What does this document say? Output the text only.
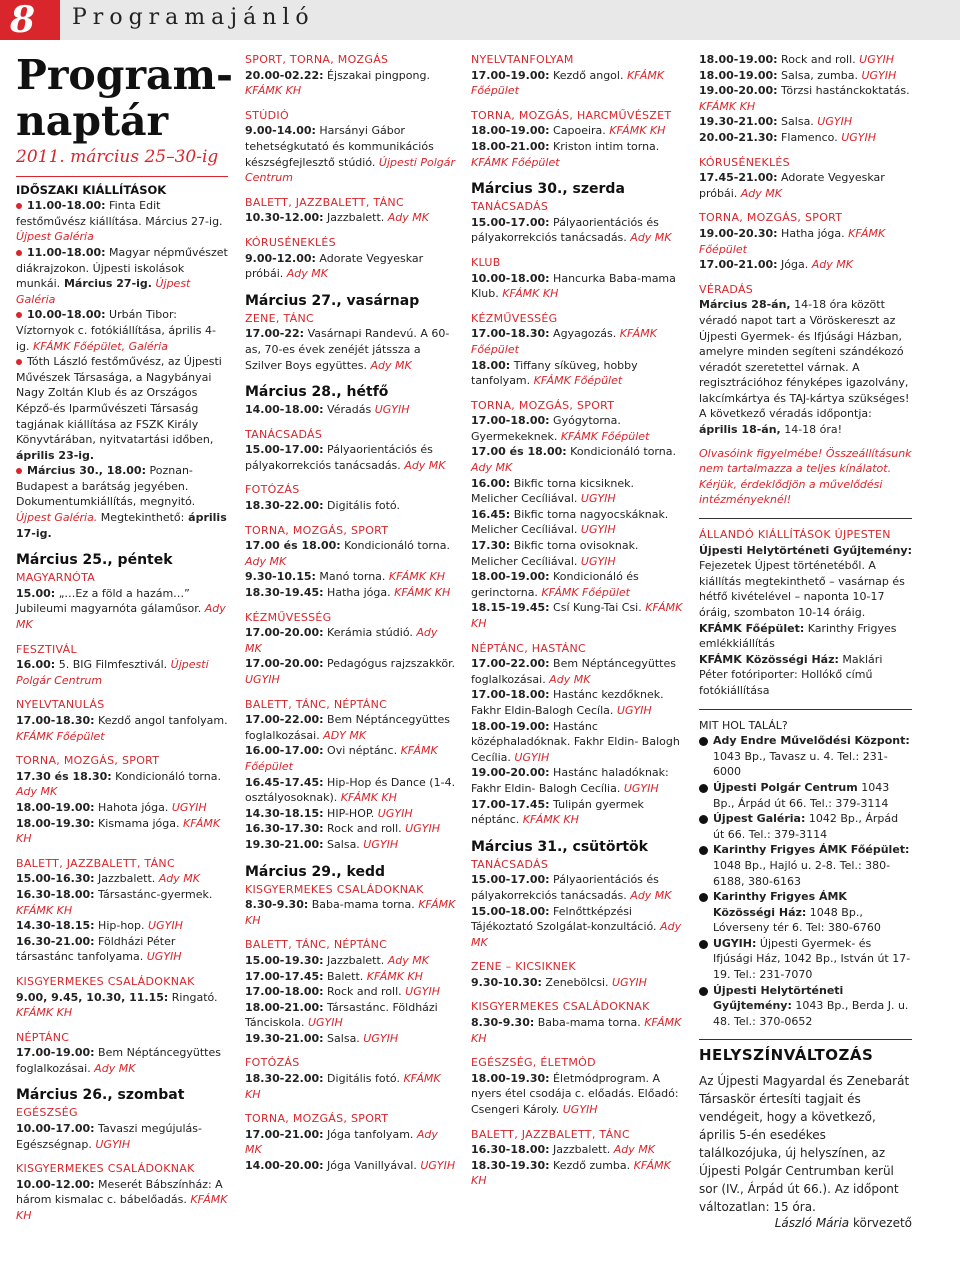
8	Programajánló
Program-
naptár
2011. március 25–30-ig
IDŐSZAKI KIÁLLÍTÁSOK
11.00-18.00: Finta Edit festőművész kiállítása. Március 27-ig. Újpest Galéria
11.00-18.00: Magyar népművészet diákrajzokon. Újpesti iskolások munkái. Március 27-ig. Újpest Galéria
10.00-18.00: Urbán Tibor: Víztornyok c. fotókiállítása, április 4-ig. KFÁMK Főépület, Galéria
Tóth László festőművész, az Újpesti Művészek Társasága, a Nagybányai Nagy Zoltán Klub és az Országos Képző-és Iparművészeti Társaság tagjának kiállítása az FSZK Király Könyvtárában, nyitvatartási időben, április 23-ig.
Március 30., 18.00: Poznan-Budapest a barátság jegyében. Dokumentumkiállítás, megnyitó. Újpest Galéria. Megtekinthető: április 17-ig.
Március 25., péntek
MAGYARNÓTA
15.00: „…Ez a föld a hazám…” Jubileumi magyarnóta gálaműsor. Ady MK
FESZTIVÁL
16.00: 5. BIG Filmfesztivál. Újpesti Polgár Centrum
NYELVTANULÁS
17.00-18.30: Kezdő angol tanfolyam. KFÁMK Főépület
TORNA, MOZGÁS, SPORT
17.30 és 18.30: Kondicionáló torna. Ady MK
18.00-19.00: Hahota jóga. UGYIH
18.00-19.30: Kismama jóga. KFÁMK KH
BALETT, JAZZBALETT, TÁNC
15.00-16.30: Jazzbalett. Ady MK
16.30-18.00: Társastánc-gyermek. KFÁMK KH
14.30-18.15: Hip-hop. UGYIH
16.30-21.00: Földházi Péter társastánc tanfolyama. UGYIH
KISGYERMEKES CSALÁDOKNAK
9.00, 9.45, 10.30, 11.15: Ringató. KFÁMK KH
NÉPTÁNC
17.00-19.00: Bem Néptáncegyüttes foglalkozásai. Ady MK
Március 26., szombat
EGÉSZSÉG
10.00-17.00: Tavaszi megújulás-Egészségnap. UGYIH
KISGYERMEKES CSALÁDOKNAK
10.00-12.00: Meserét Bábszínház: A három kismalac c. bábelőadás. KFÁMK KH
SPORT, TORNA, MOZGÁS
20.00-02.22: Éjszakai pingpong. KFÁMK KH
STÚDIÓ
9.00-14.00: Harsányi Gábor tehetségkutató és kommunikációs készségfejlesztő stúdió. Újpesti Polgár Centrum
BALETT, JAZZBALETT, TÁNC
10.30-12.00: Jazzbalett. Ady MK
KÓRUSÉNEKLÉS
9.00-12.00: Adorate Vegyeskar próbái. Ady MK
Március 27., vasárnap
ZENE, TÁNC
17.00-22: Vasárnapi Randevú. A 60-as, 70-es évek zenéjét játssza a Szilver Boys együttes. Ady MK
Március 28., hétfő
14.00-18.00: Véradás UGYIH
TANÁCSADÁS
15.00-17.00: Pályaorientációs és pályakorrekciós tanácsadás. Ady MK
FOTÓZÁS
18.30-22.00: Digitális fotó.
TORNA, MOZGÁS, SPORT
17.00 és 18.00: Kondicionáló torna. Ady MK
9.30-10.15: Manó torna. KFÁMK KH
18.30-19.45: Hatha jóga. KFÁMK KH
KÉZMŰVESSÉG
17.00-20.00: Kerámia stúdió. Ady MK
17.00-20.00: Pedagógus rajzszakkör. UGYIH
BALETT, TÁNC, NÉPTÁNC
17.00-22.00: Bem Néptáncegyüttes foglalkozásai. ADY MK
16.00-17.00: Ovi néptánc. KFÁMK Főépület
16.45-17.45: Hip-Hop és Dance (1-4. osztályosoknak). KFÁMK KH
14.30-18.15: HIP-HOP. UGYIH
16.30-17.30: Rock and roll. UGYIH
19.30-21.00: Salsa. UGYIH
Március 29., kedd
KISGYERMEKES CSALÁDOKNAK
8.30-9.30: Baba-mama torna. KFÁMK KH
BALETT, TÁNC, NÉPTÁNC
15.00-19.30: Jazzbalett. Ady MK
17.00-17.45: Balett. KFÁMK KH
17.00-18.00: Rock and roll. UGYIH
18.00-21.00: Társastánc. Földházi Tánciskola. UGYIH
19.30-21.00: Salsa. UGYIH
FOTÓZÁS
18.30-22.00: Digitális fotó. KFÁMK KH
TORNA, MOZGÁS, SPORT
17.00-21.00: Jóga tanfolyam. Ady MK
14.00-20.00: Jóga Vanillyával. UGYIH
NYELVTANFOLYAM
17.00-19.00: Kezdő angol. KFÁMK Főépület
TORNA, MOZGÁS, HARCMŰVÉSZET
18.00-19.00: Capoeira. KFÁMK KH
18.00-21.00: Kriston intim torna. KFÁMK Főépület
Március 30., szerda
TANÁCSADÁS
15.00-17.00: Pályaorientációs és pályakorrekciós tanácsadás. Ady MK
KLUB
10.00-18.00: Hancurka Baba-mama Klub. KFÁMK KH
KÉZMŰVESSÉG
17.00-18.30: Agyagozás. KFÁMK Főépület
18.00: Tiffany síküveg, hobby tanfolyam. KFÁMK Főépület
TORNA, MOZGÁS, SPORT
17.00-18.00: Gyógytorna. Gyermekeknek. KFÁMK Főépület
17.00 és 18.00: Kondicionáló torna. Ady MK
16.00: Bikfic torna kicsiknek. Melicher Cecíliával. UGYIH
16.45: Bikfic torna nagyocskáknak. Melicher Cecíliával. UGYIH
17.30: Bikfic torna ovisoknak. Melicher Cecíliával. UGYIH
18.00-19.00: Kondicionáló és gerinctorna. KFÁMK Főépület
18.15-19.45: Csí Kung-Tai Csi. KFÁMK KH
NÉPTÁNC, HASTÁNC
17.00-22.00: Bem Néptáncegyüttes foglalkozásai. Ady MK
17.00-18.00: Hastánc kezdőknek. Fakhr Eldin-Balogh Cecíla. UGYIH
18.00-19.00: Hastánc középhaladóknak. Fakhr Eldin- Balogh Cecília. UGYIH
19.00-20.00: Hastánc haladóknak: Fakhr Eldin- Balogh Cecília. UGYIH
17.00-17.45: Tulipán gyermek néptánc. KFÁMK KH
Március 31., csütörtök
TANÁCSADÁS
15.00-17.00: Pályaorientációs és pályakorrekciós tanácsadás. Ady MK
15.00-18.00: Felnőttképzési Tájékoztató Szolgálat-konzultáció. Ady MK
ZENE – KICSIKNEK
9.30-10.30: Zenebölcsi. UGYIH
KISGYERMEKES CSALÁDOKNAK
8.30-9.30: Baba-mama torna. KFÁMK KH
EGÉSZSÉG, ÉLETMÓD
18.00-19.30: Életmódprogram. A nyers étel csodája c. előadás. Előadó: Csengeri Károly. UGYIH
BALETT, JAZZBALETT, TÁNC
16.30-18.00: Jazzbalett. Ady MK
18.30-19.30: Kezdő zumba. KFÁMK KH
18.00-19.00: Rock and roll. UGYIH
18.00-19.00: Salsa, zumba. UGYIH
19.00-20.00: Törzsi hastánckoktatás. KFÁMK KH
19.30-21.00: Salsa. UGYIH
20.00-21.30: Flamenco. UGYIH
KÓRUSÉNEKLÉS
17.45-21.00: Adorate Vegyeskar próbái. Ady MK
TORNA, MOZGÁS, SPORT
19.00-20.30: Hatha jóga. KFÁMK Főépület
17.00-21.00: Jóga. Ady MK
VÉRADÁS
Március 28-án, 14-18 óra között véradó napot tart a Vöröskereszt az Újpesti Gyermek- és Ifjúsági Házban, amelyre minden segíteni szándékozó véradót szeretettel várnak. A regisztrációhoz fényképes igazolvány, lakcímkártya és TAJ-kártya szükséges! A következő véradás időpontja: április 18-án, 14-18 óra!
Olvasóink figyelmébe! Összeállításunk nem tartalmazza a teljes kínálatot. Kérjük, érdeklődjön a művelődési intézményeknél!
ÁLLANDÓ KIÁLLÍTÁSOK ÚJPESTEN
Újpesti Helytörténeti Gyűjtemény: Fejezetek Újpest történetéből. A kiállítás megtekinthető – vasárnap és hétfő kivételével – naponta 10-17 óráig, szombaton 10-14 óráig.
KFÁMK Főépület: Karinthy Frigyes emlékkiállítás
KFÁMK Közösségi Ház: Maklári Péter fotóriporter: Hollókő című fotókiállítása
MIT HOL TALÁL?
Ady Endre Művelődési Központ: 1043 Bp., Tavasz u. 4. Tel.: 231-6000
Újpesti Polgár Centrum 1043 Bp., Árpád út 66. Tel.: 379-3114
Újpest Galéria: 1042 Bp., Árpád út 66. Tel.: 379-3114
Karinthy Frigyes ÁMK Főépület: 1048 Bp., Hajló u. 2-8. Tel.: 380-6188, 380-6163
Karinthy Frigyes ÁMK Közösségi Ház: 1048 Bp., Lóverseny tér 6. Tel: 380-6760
UGYIH: Újpesti Gyermek- és Ifjúsági Ház, 1042 Bp., István út 17-19. Tel.: 231-7070
Újpesti Helytörténeti Gyűjtemény: 1043 Bp., Berda J. u. 48. Tel.: 370-0652
HELYSZÍNVÁLTOZÁS
Az Újpesti Magyardal és Zenebarát Társaskör értesíti tagjait és vendégeit, hogy a következő, április 5-én esedékes találkozójuka, új helyszínen, az Újpesti Polgár Centrumban kerül sor (IV., Árpád út 66.). Az időpont változatlan: 15 óra.
László Mária körvezető
